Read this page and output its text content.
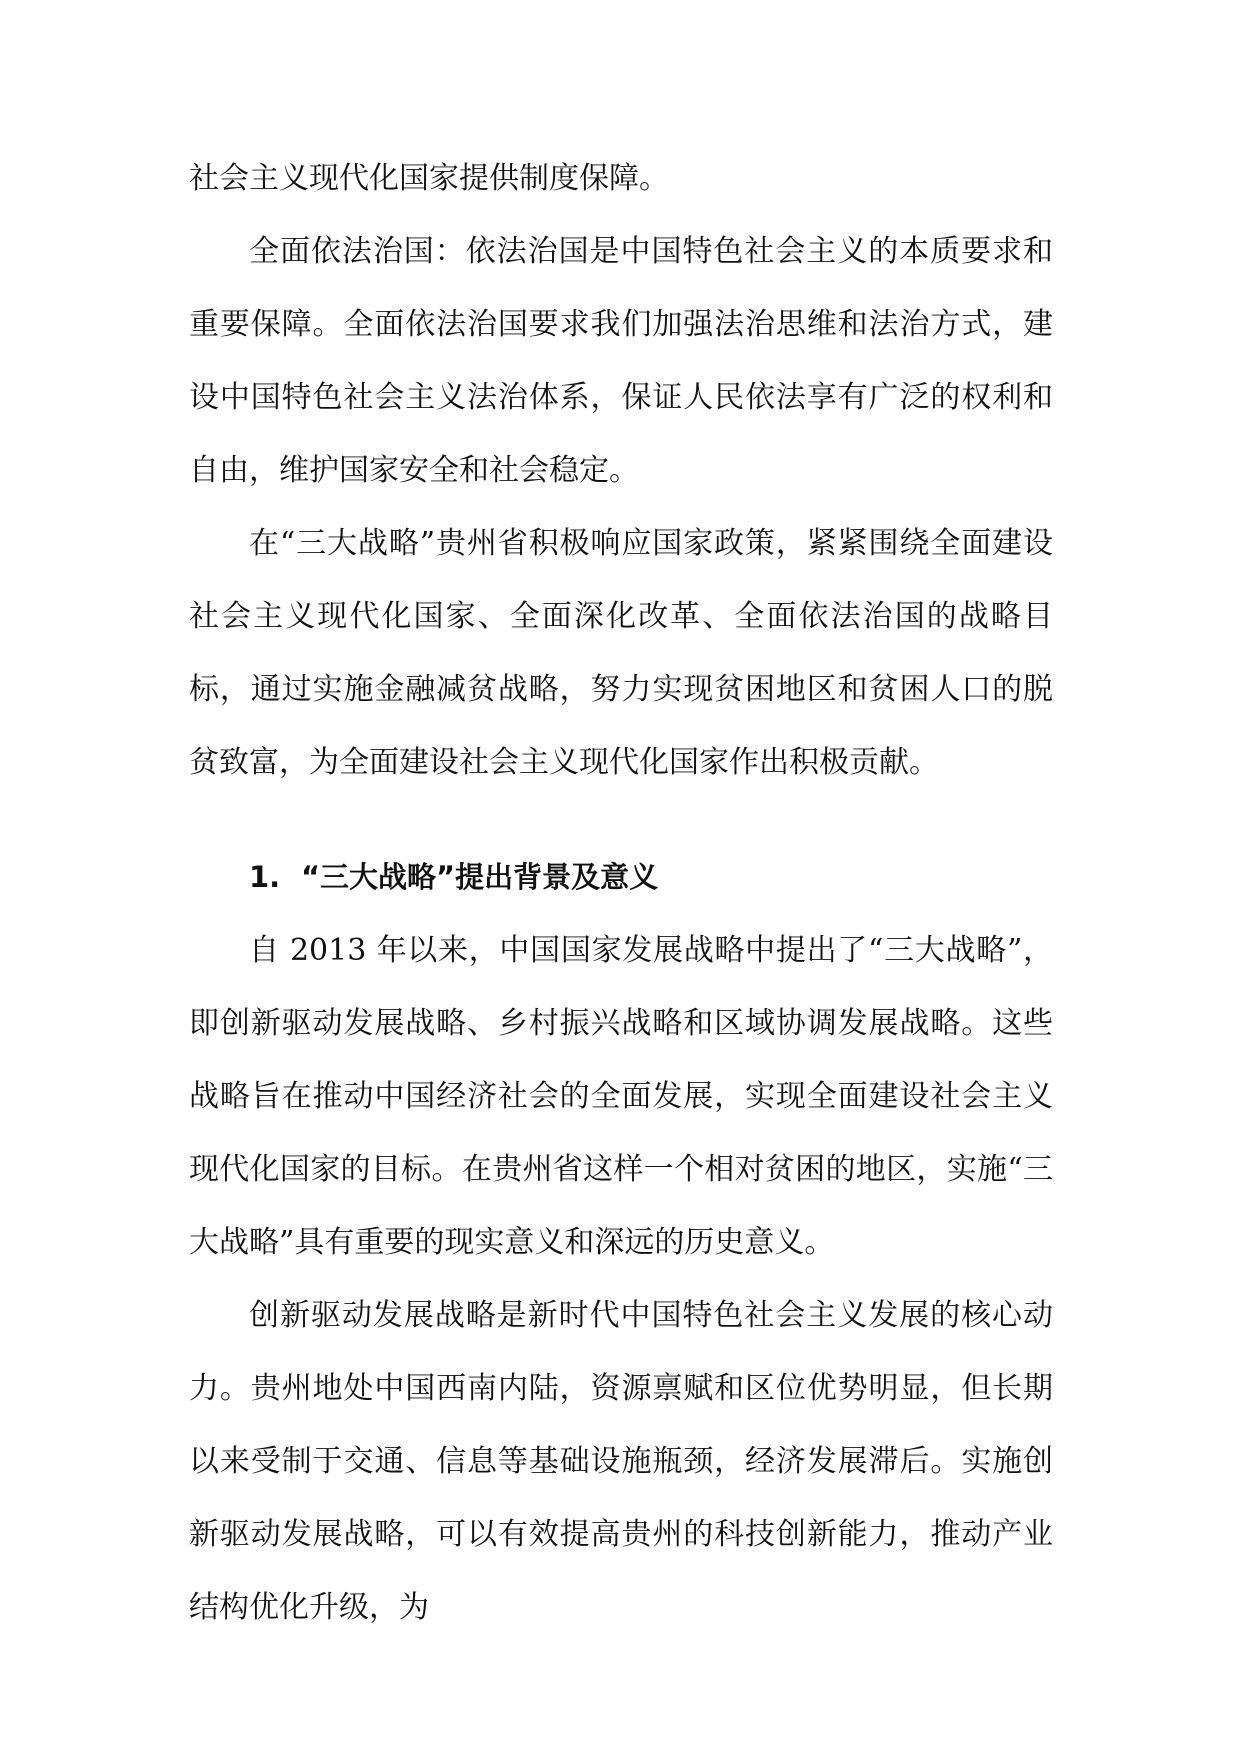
社会主义现代化国家提供制度保障。

全面依法治国：依法治国是中国特色社会主义的本质要求和重要保障。全面依法治国要求我们加强法治思维和法治方式，建设中国特色社会主义法治体系，保证人民依法享有广泛的权利和自由，维护国家安全和社会稳定。

在“三大战略”贵州省积极响应国家政策，紧紧围绕全面建设社会主义现代化国家、全面深化改革、全面依法治国的战略目标，通过实施金融减贫战略，努力实现贫困地区和贫困人口的脱贫致富，为全面建设社会主义现代化国家作出积极贡献。

1. “三大战略”提出背景及意义

自 2013 年以来，中国国家发展战略中提出了“三大战略”，即创新驱动发展战略、乡村振兴战略和区域协调发展战略。这些战略旨在推动中国经济社会的全面发展，实现全面建设社会主义现代化国家的目标。在贵州省这样一个相对贫困的地区，实施“三大战略”具有重要的现实意义和深远的历史意义。

创新驱动发展战略是新时代中国特色社会主义发展的核心动力。贵州地处中国西南内陆，资源禀赋和区位优势明显，但长期以来受制于交通、信息等基础设施瓶颈，经济发展滞后。实施创新驱动发展战略，可以有效提高贵州的科技创新能力，推动产业结构优化升级，为
